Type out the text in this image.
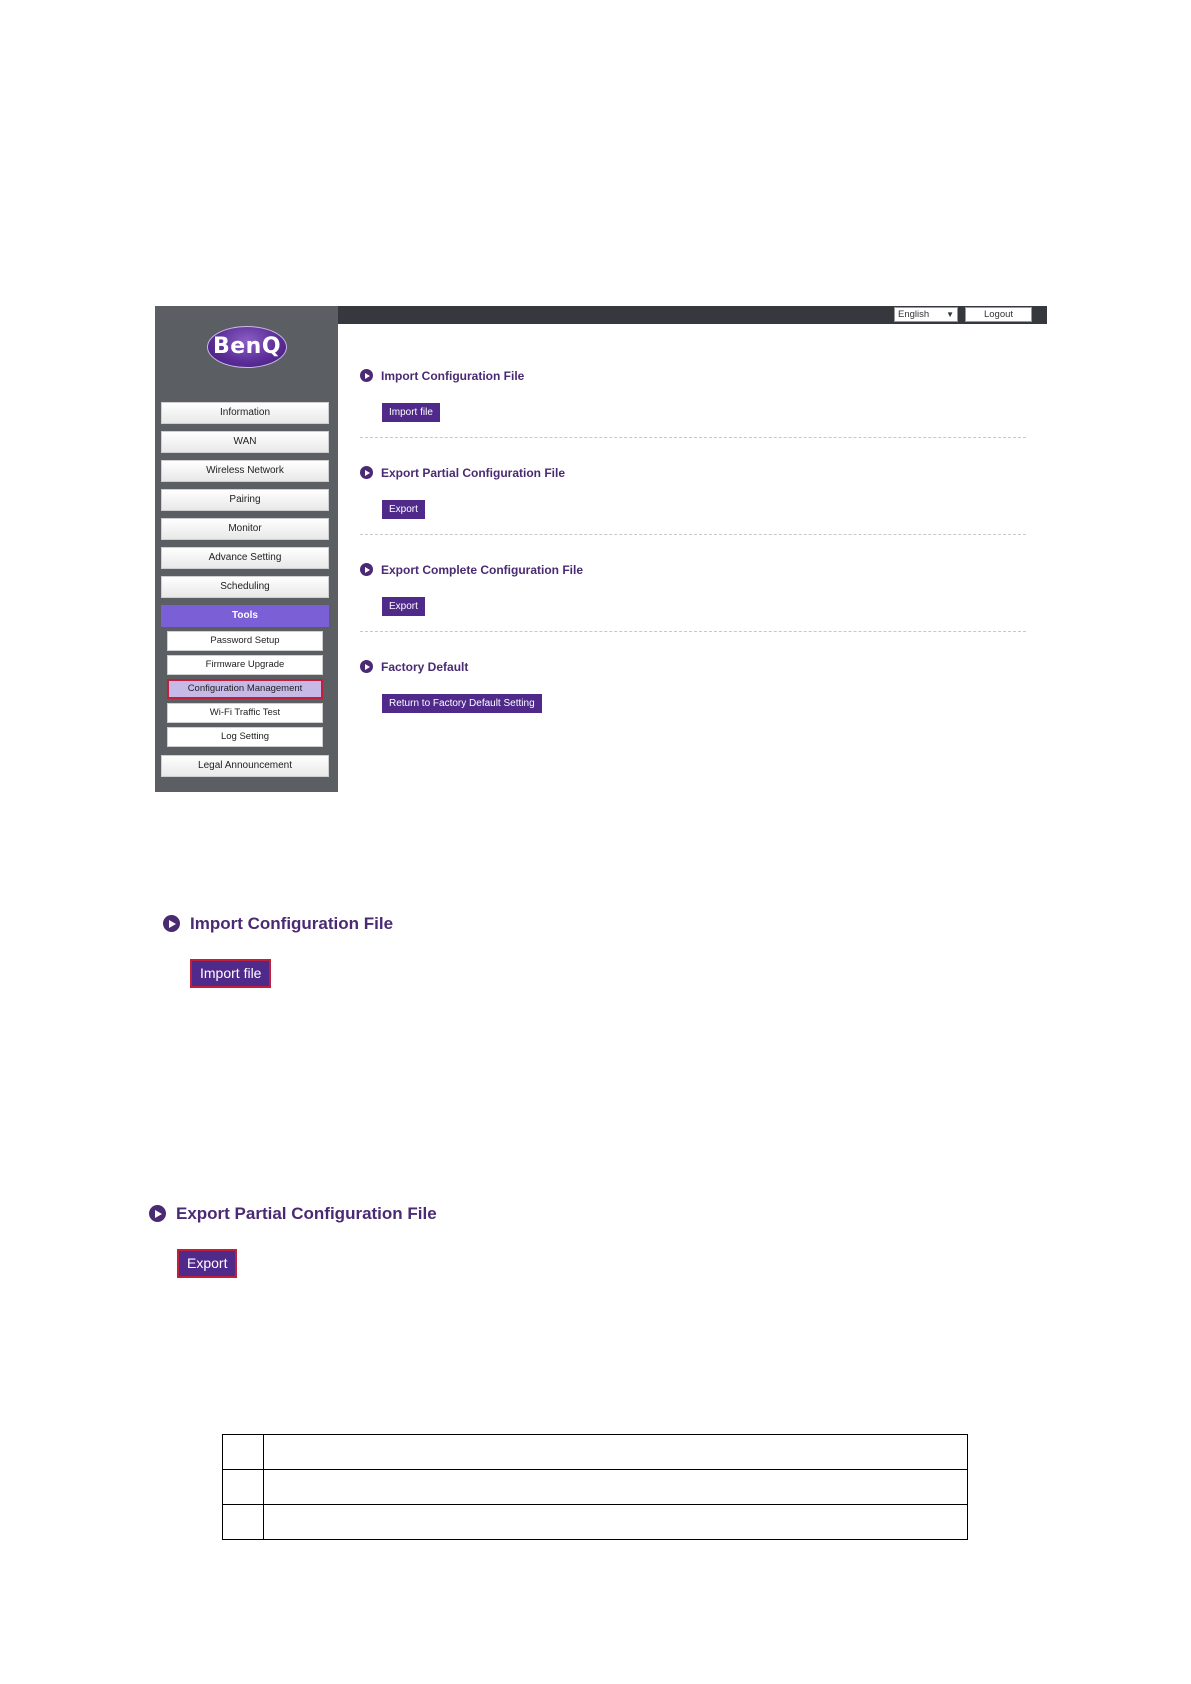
BenQ
Information
WAN
Wireless Network
Pairing
Monitor
Advance Setting
Scheduling
Tools
Password Setup
Firmware Upgrade
Configuration Management
Wi-Fi Traffic Test
Log Setting
Legal Announcement
English ▼	Logout
Import Configuration File
Import file
Export Partial Configuration File
Export
Export Complete Configuration File
Export
Factory Default
Return to Factory Default Setting
Import Configuration File
Import file
Export Partial Configuration File
Export
